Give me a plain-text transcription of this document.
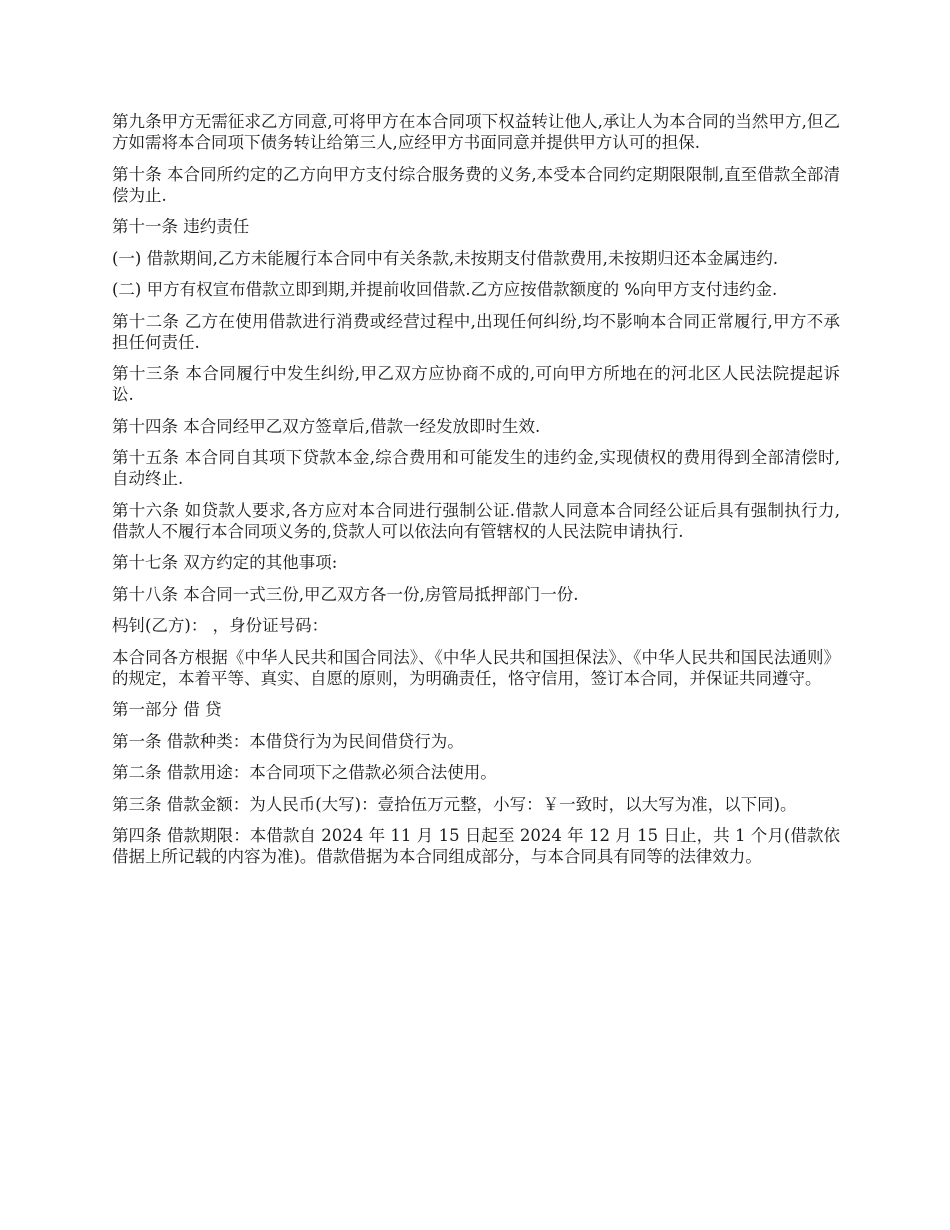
第九条甲方无需征求乙方同意,可将甲方在本合同项下权益转让他人,承让人为本合同的当然甲方,但乙方如需将本合同项下债务转让给第三人,应经甲方书面同意并提供甲方认可的担保.

第十条 本合同所约定的乙方向甲方支付综合服务费的义务,本受本合同约定期限限制,直至借款全部清偿为止.

第十一条 违约责任

(一) 借款期间,乙方未能履行本合同中有关条款,未按期支付借款费用,未按期归还本金属违约.

(二) 甲方有权宣布借款立即到期,并提前收回借款.乙方应按借款额度的 %向甲方支付违约金.

第十二条 乙方在使用借款进行消费或经营过程中,出现任何纠纷,均不影响本合同正常履行,甲方不承担任何责任.

第十三条 本合同履行中发生纠纷,甲乙双方应协商不成的,可向甲方所地在的河北区人民法院提起诉讼.

第十四条 本合同经甲乙双方签章后,借款一经发放即时生效.

第十五条 本合同自其项下贷款本金,综合费用和可能发生的违约金,实现债权的费用得到全部清偿时,自动终止.

第十六条 如贷款人要求,各方应对本合同进行强制公证.借款人同意本合同经公证后具有强制执行力,借款人不履行本合同项义务的,贷款人可以依法向有管辖权的人民法院申请执行.

第十七条 双方约定的其他事项:

第十八条 本合同一式三份,甲乙双方各一份,房管局抵押部门一份.

杩钊(乙方)： ，身份证号码：

本合同各方根据《中华人民共和国合同法》、《中华人民共和国担保法》、《中华人民共和国民法通则》的规定，本着平等、真实、自愿的原则，为明确责任，恪守信用，签订本合同，并保证共同遵守。

第一部分 借 贷

第一条 借款种类：本借贷行为为民间借贷行为。

第二条 借款用途：本合同项下之借款必须合法使用。

第三条 借款金额：为人民币(大写)：壹拾伍万元整，小写：￥一致时，以大写为准，以下同)。

第四条 借款期限：本借款自 2024 年 11 月 15 日起至 2024 年 12 月 15 日止，共 1 个月(借款依借据上所记载的内容为准)。借款借据为本合同组成部分，与本合同具有同等的法律效力。
